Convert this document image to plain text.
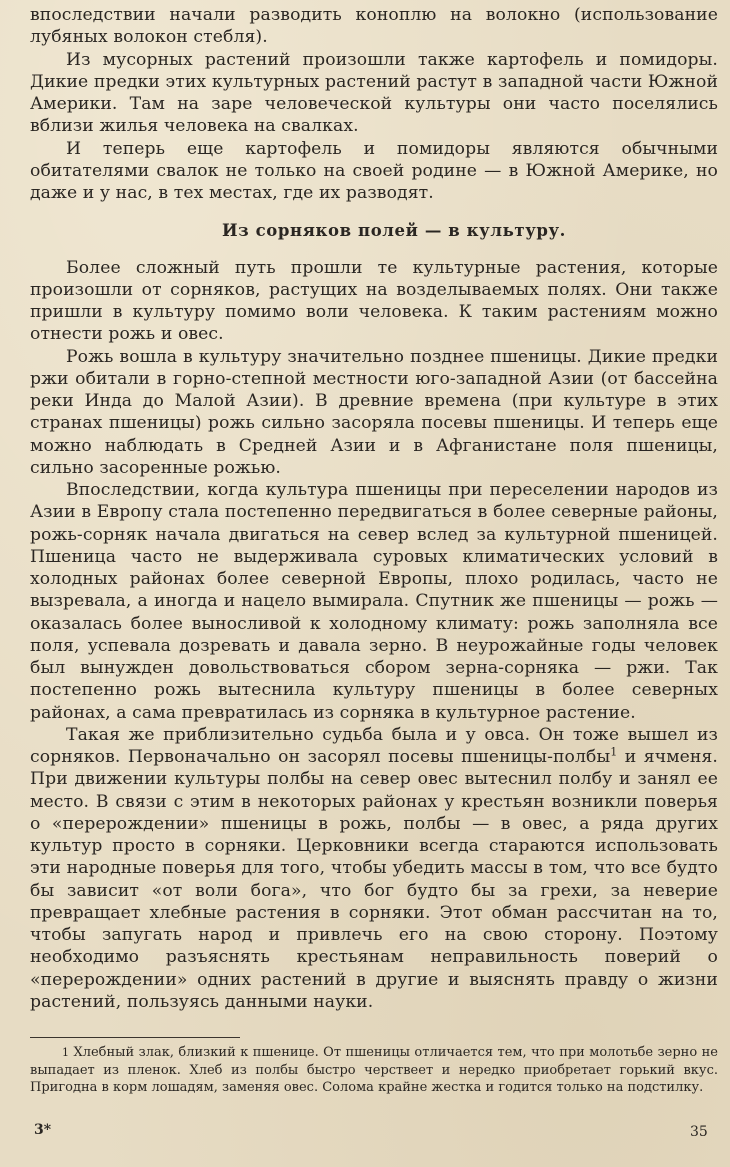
впоследствии начали разводить коноплю на волокно (использование лубяных волокон стебля).

Из мусорных растений произошли также картофель и помидоры. Дикие предки этих культурных растений растут в западной части Южной Америки. Там на заре человеческой культуры они часто поселялись вблизи жилья человека на свалках.

И теперь еще картофель и помидоры являются обычными обитателями свалок не только на своей родине — в Южной Америке, но даже и у нас, в тех местах, где их разводят.

Из сорняков полей — в культуру.

Более сложный путь прошли те культурные растения, которые произошли от сорняков, растущих на возделываемых полях. Они также пришли в культуру помимо воли человека. К таким растениям можно отнести рожь и овес.

Рожь вошла в культуру значительно позднее пшеницы. Дикие предки ржи обитали в горно-степной местности юго-западной Азии (от бассейна реки Инда до Малой Азии). В древние времена (при культуре в этих странах пшеницы) рожь сильно засоряла посевы пшеницы. И теперь еще можно наблюдать в Средней Азии и в Афганистане поля пшеницы, сильно засоренные рожью.

Впоследствии, когда культура пшеницы при переселении народов из Азии в Европу стала постепенно передвигаться в более северные районы, рожь-сорняк начала двигаться на север вслед за культурной пшеницей. Пшеница часто не выдерживала суровых климатических условий в холодных районах более северной Европы, плохо родилась, часто не вызревала, а иногда и нацело вымирала. Спутник же пшеницы — рожь — оказалась более выносливой к холодному климату: рожь заполняла все поля, успевала дозревать и давала зерно. В неурожайные годы человек был вынужден довольствоваться сбором зерна-сорняка — ржи. Так постепенно рожь вытеснила культуру пшеницы в более северных районах, а сама превратилась из сорняка в культурное растение.

Такая же приблизительно судьба была и у овса. Он тоже вышел из сорняков. Первоначально он засорял посевы пшеницы-полбы$^1$ и ячменя. При движении культуры полбы на север овес вытеснил полбу и занял ее место. В связи с этим в некоторых районах у крестьян возникли поверья о «перерождении» пшеницы в рожь, полбы — в овес, а ряда других культур просто в сорняки. Церковники всегда стараются использовать эти народные поверья для того, чтобы убедить массы в том, что все будто бы зависит «от воли бога», что бог будто бы за грехи, за неверие превращает хлебные растения в сорняки. Этот обман рассчитан на то, чтобы запугать народ и привлечь его на свою сторону. Поэтому необходимо разъяснять крестьянам неправильность поверий о «перерождении» одних растений в другие и выяснять правду о жизни растений, пользуясь данными науки.

1 Хлебный злак, близкий к пшенице. От пшеницы отличается тем, что при молотьбе зерно не выпадает из пленок. Хлеб из полбы быстро черствеет и нередко приобретает горький вкус. Пригодна в корм лошадям, заменяя овес. Солома крайне жестка и годится только на подстилку.

3*	35
